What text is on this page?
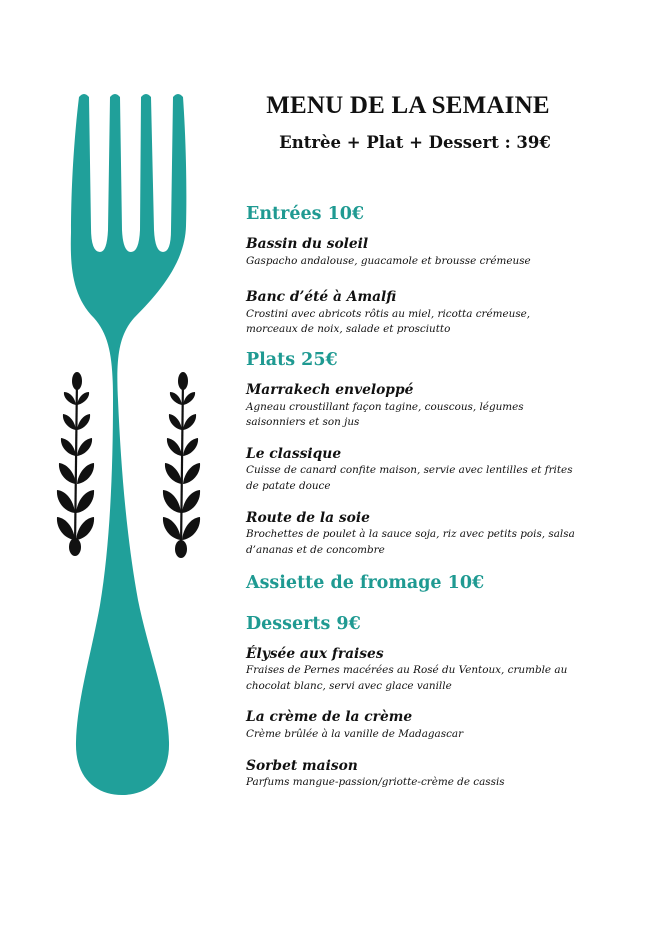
MENU DE LA SEMAINE
Entrèe + Plat + Dessert : 39€
Entrées 10€
Bassin du soleil
Gaspacho andalouse, guacamole et brousse crémeuse
Banc d’été à Amalfi
Crostini avec abricots rôtis au miel, ricotta crémeuse, morceaux de noix, salade et prosciutto
Plats 25€
Marrakech enveloppé
Agneau croustillant façon tagine, couscous, légumes saisonniers et son jus
Le classique
Cuisse de canard confite maison, servie avec lentilles et frites de patate douce
Route de la soie
Brochettes de poulet à la sauce soja, riz avec petits pois, salsa d’ananas et de concombre
Assiette de fromage 10€
Desserts 9€
Élysée aux fraises
Fraises de Pernes macérées au Rosé du Ventoux, crumble au chocolat blanc, servi avec glace vanille
La crème de la crème
Crème brûlée à la vanille de Madagascar
Sorbet maison
Parfums mangue-passion/griotte-crème de cassis
